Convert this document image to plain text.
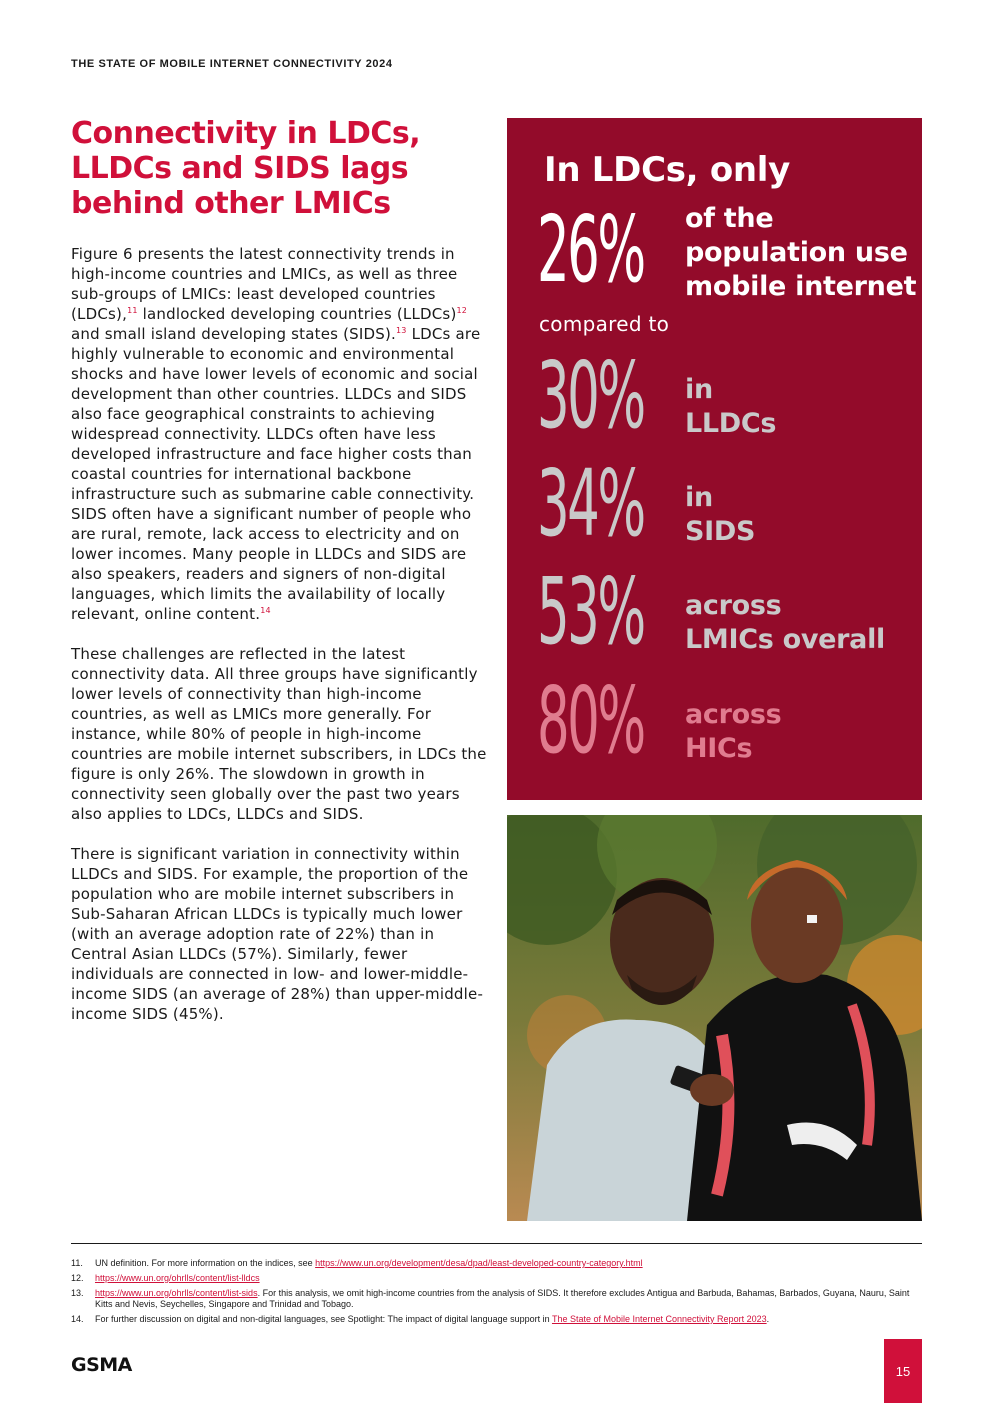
THE STATE OF MOBILE INTERNET CONNECTIVITY 2024
Connectivity in LDCs, LLDCs and SIDS lags behind other LMICs

Figure 6 presents the latest connectivity trends in high-income countries and LMICs, as well as three sub-groups of LMICs: least developed countries (LDCs),$^{11}$ landlocked developing countries (LLDCs)$^{12}$ and small island developing states (SIDS).$^{13}$ LDCs are highly vulnerable to economic and environmental shocks and have lower levels of economic and social development than other countries. LLDCs and SIDS also face geographical constraints to achieving widespread connectivity. LLDCs often have less developed infrastructure and face higher costs than coastal countries for international backbone infrastructure such as submarine cable connectivity. SIDS often have a significant number of people who are rural, remote, lack access to electricity and on lower incomes. Many people in LLDCs and SIDS are also speakers, readers and signers of non-digital languages, which limits the availability of locally relevant, online content.$^{14}$

These challenges are reflected in the latest connectivity data. All three groups have significantly lower levels of connectivity than high-income countries, as well as LMICs more generally. For instance, while 80% of people in high-income countries are mobile internet subscribers, in LDCs the figure is only 26%. The slowdown in growth in connectivity seen globally over the past two years also applies to LDCs, LLDCs and SIDS.

There is significant variation in connectivity within LLDCs and SIDS. For example, the proportion of the population who are mobile internet subscribers in Sub-Saharan African LLDCs is typically much lower (with an average adoption rate of 22%) than in Central Asian LLDCs (57%). Similarly, fewer individuals are connected in low- and lower-middle-income SIDS (an average of 28%) than upper-middle-income SIDS (45%).

In LDCs, only
26% of the
population use
mobile internet
compared to
30% in
LLDCs
34% in
SIDS
53% across
LMICs overall
80% across
HICs
11.	UN definition. For more information on the indices, see https://www.un.org/development/desa/dpad/least-developed-country-category.html
12.	https://www.un.org/ohrlls/content/list-lldcs
13.	https://www.un.org/ohrlls/content/list-sids. For this analysis, we omit high-income countries from the analysis of SIDS. It therefore excludes Antigua and Barbuda, Bahamas, Barbados, Guyana, Nauru, Saint Kitts and Nevis, Seychelles, Singapore and Trinidad and Tobago.
14.	For further discussion on digital and non-digital languages, see Spotlight: The impact of digital language support in The State of Mobile Internet Connectivity Report 2023.
GSMA	15
